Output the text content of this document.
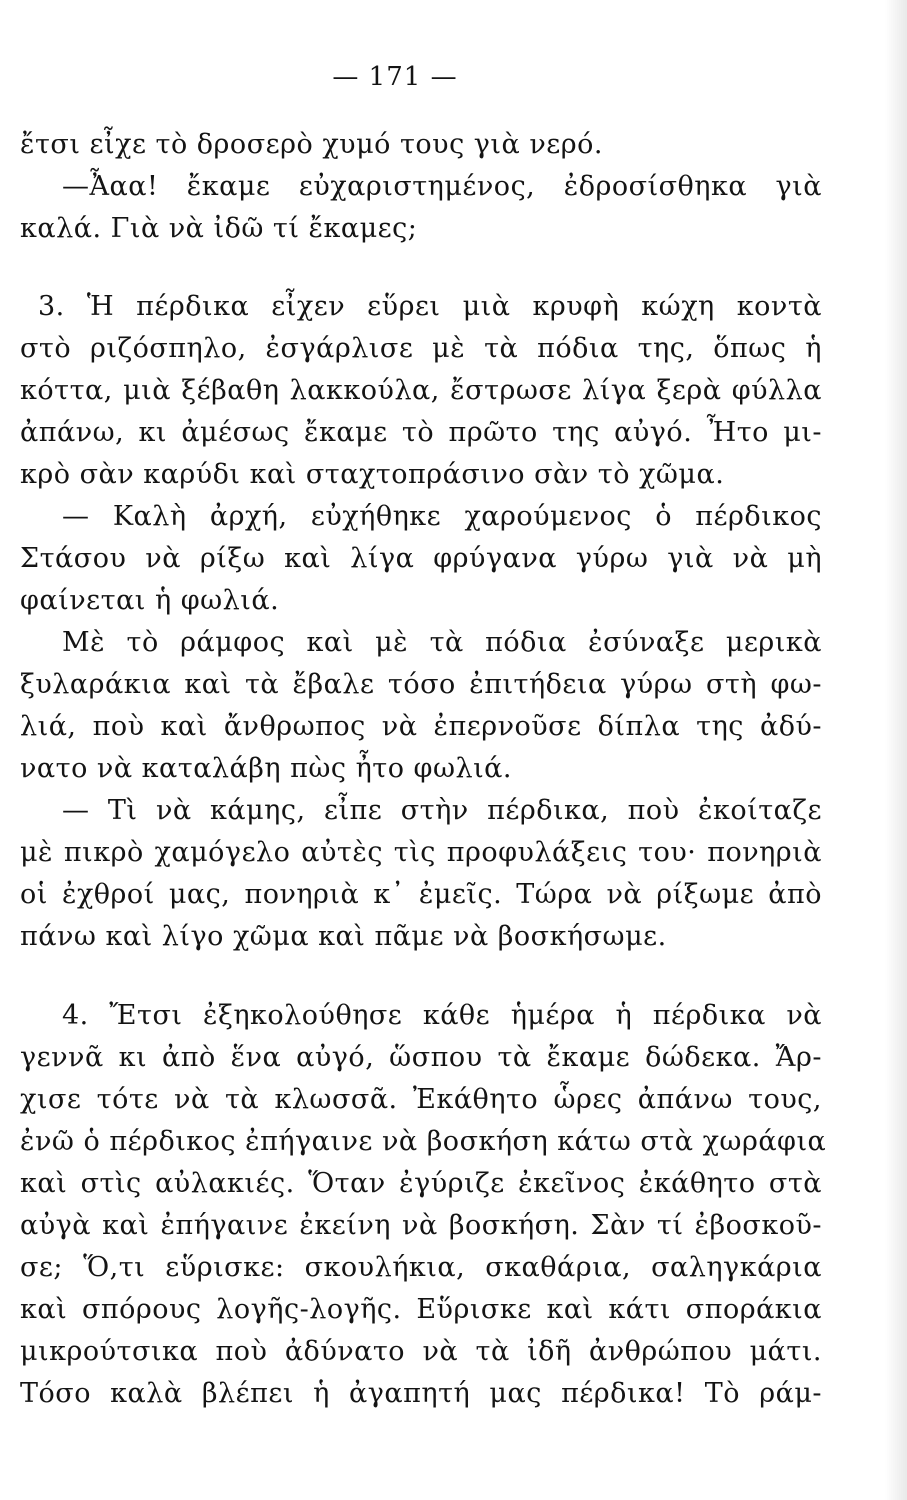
— 171 —
ἔτσι εἶχε τὸ δροσερὸ χυμό τους γιὰ νερό.
—Ἆαα! ἔκαμε εὐχαριστημένος, ἐδροσίσθηκα γιὰ
καλά. Γιὰ νὰ ἰδῶ τί ἔκαμες;
3. Ἡ πέρδικα εἶχεν εὕρει μιὰ κρυφὴ κώχη κοντὰ
στὸ ριζόσπηλο, ἐσγάρλισε μὲ τὰ πόδια της, ὅπως ἡ
κόττα, μιὰ ξέβαθη λακκούλα, ἔστρωσε λίγα ξερὰ φύλλα
ἀπάνω, κι ἀμέσως ἔκαμε τὸ πρῶτο της αὐγό. Ἦτο μι-
κρὸ σὰν καρύδι καὶ σταχτοπράσινο σὰν τὸ χῶμα.
— Καλὴ ἀρχή, εὐχήθηκε χαρούμενος ὁ πέρδικος
Στάσου νὰ ρίξω καὶ λίγα φρύγανα γύρω γιὰ νὰ μὴ
φαίνεται ἡ φωλιά.
Μὲ τὸ ράμφος καὶ μὲ τὰ πόδια ἐσύναξε μερικὰ
ξυλαράκια καὶ τὰ ἔβαλε τόσο ἐπιτήδεια γύρω στὴ φω-
λιά, ποὺ καὶ ἄνθρωπος νὰ ἐπερνοῦσε δίπλα της ἀδύ-
νατο νὰ καταλάβη πὼς ἦτο φωλιά.
— Τὶ νὰ κάμης, εἶπε στὴν πέρδικα, ποὺ ἐκοίταζε
μὲ πικρὸ χαμόγελο αὐτὲς τὶς προφυλάξεις του· πονηριὰ
οἱ ἐχθροί μας, πονηριὰ κ᾿ ἐμεῖς. Τώρα νὰ ρίξωμε ἀπὸ
πάνω καὶ λίγο χῶμα καὶ πᾶμε νὰ βοσκήσωμε.
4. Ἔτσι ἐξηκολούθησε κάθε ἡμέρα ἡ πέρδικα νὰ
γεννᾶ κι ἀπὸ ἕνα αὐγό, ὥσπου τὰ ἔκαμε δώδεκα. Ἄρ-
χισε τότε νὰ τὰ κλωσσᾶ. Ἐκάθητο ὧρες ἀπάνω τους,
ἐνῶ ὁ πέρδικος ἐπήγαινε νὰ βοσκήση κάτω στὰ χωράφια
καὶ στὶς αὐλακιές. Ὅταν ἐγύριζε ἐκεῖνος ἐκάθητο στὰ
αὐγὰ καὶ ἐπήγαινε ἐκείνη νὰ βοσκήση. Σὰν τί ἐβοσκοῦ-
σε; Ὅ,τι εὕρισκε: σκουλήκια, σκαθάρια, σαληγκάρια
καὶ σπόρους λογῆς-λογῆς. Εὕρισκε καὶ κάτι σποράκια
μικρούτσικα ποὺ ἀδύνατο νὰ τὰ ἰδῆ ἀνθρώπου μάτι.
Τόσο καλὰ βλέπει ἡ ἀγαπητή μας πέρδικα! Τὸ ράμ-
